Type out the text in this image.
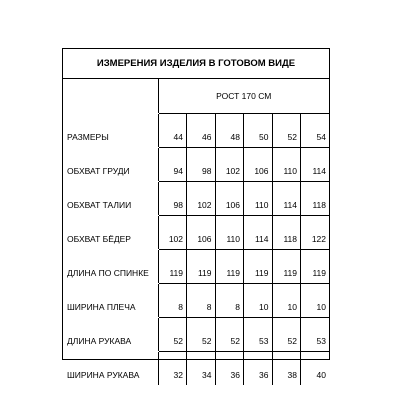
ИЗМЕРЕНИЯ ИЗДЕЛИЯ В ГОТОВОМ ВИДЕ
	РОСТ 170 СМ					
РАЗМЕРЫ	44	46	48	50	52	54
ОБХВАТ ГРУДИ	94	98	102	106	110	114
ОБХВАТ ТАЛИИ	98	102	106	110	114	118
ОБХВАТ БЁДЕР	102	106	110	114	118	122
ДЛИНА ПО СПИНКЕ	119	119	119	119	119	119
ШИРИНА ПЛЕЧА	8	8	8	10	10	10
ДЛИНА РУКАВА	52	52	52	53	52	53
ШИРИНА РУКАВА	32	34	36	36	38	40
